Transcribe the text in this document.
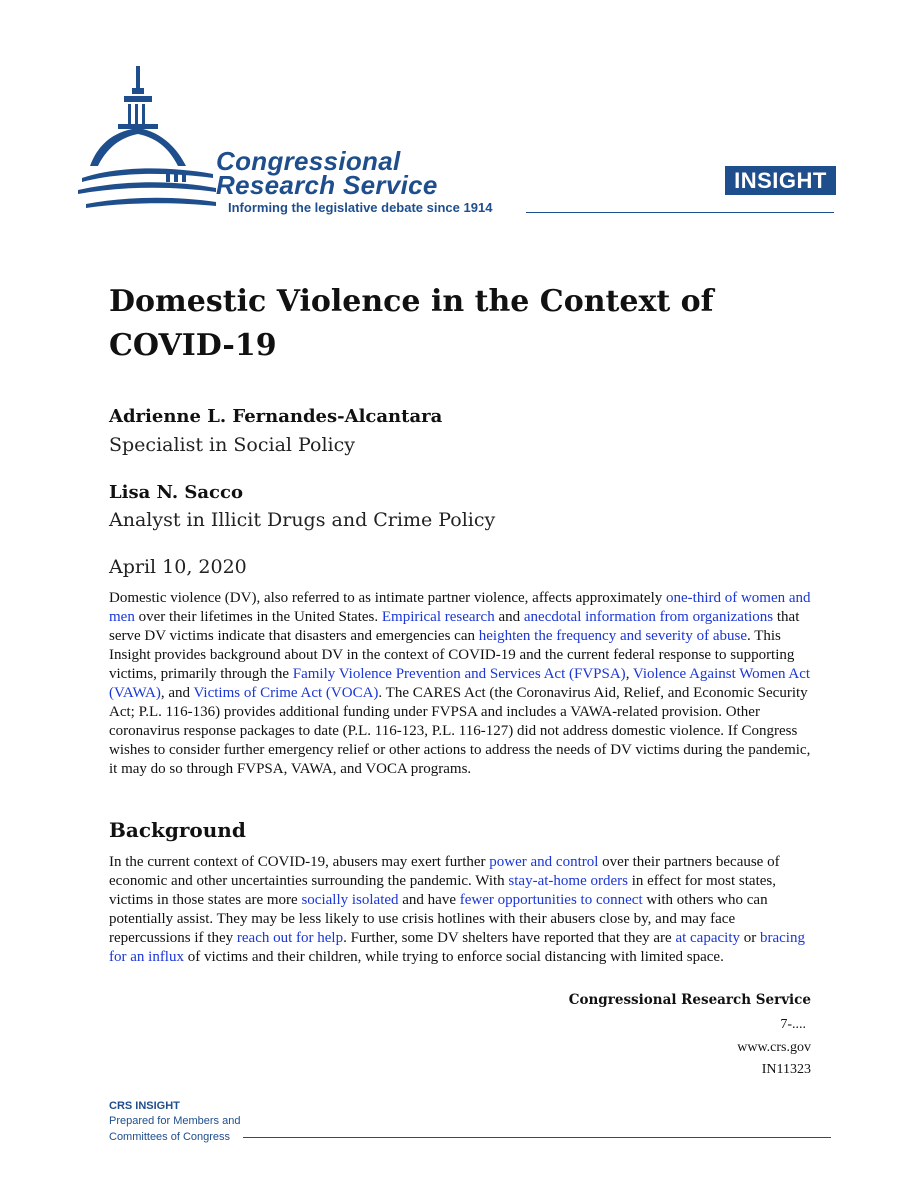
Congressional
Research Service
Informing the legislative debate since 1914
INSIGHT
Domestic Violence in the Context of
COVID-19
Adrienne L. Fernandes-Alcantara
Specialist in Social Policy
Lisa N. Sacco
Analyst in Illicit Drugs and Crime Policy
April 10, 2020
Domestic violence (DV), also referred to as intimate partner violence, affects approximately one-third of women and men over their lifetimes in the United States. Empirical research and anecdotal information from organizations that serve DV victims indicate that disasters and emergencies can heighten the frequency and severity of abuse. This Insight provides background about DV in the context of COVID-19 and the current federal response to supporting victims, primarily through the Family Violence Prevention and Services Act (FVPSA), Violence Against Women Act (VAWA), and Victims of Crime Act (VOCA). The CARES Act (the Coronavirus Aid, Relief, and Economic Security Act; P.L. 116-136) provides additional funding under FVPSA and includes a VAWA-related provision. Other coronavirus response packages to date (P.L. 116-123, P.L. 116-127) did not address domestic violence. If Congress wishes to consider further emergency relief or other actions to address the needs of DV victims during the pandemic, it may do so through FVPSA, VAWA, and VOCA programs.
Background
In the current context of COVID-19, abusers may exert further power and control over their partners because of economic and other uncertainties surrounding the pandemic. With stay-at-home orders in effect for most states, victims in those states are more socially isolated and have fewer opportunities to connect with others who can potentially assist. They may be less likely to use crisis hotlines with their abusers close by, and may face repercussions if they reach out for help. Further, some DV shelters have reported that they are at capacity or bracing for an influx of victims and their children, while trying to enforce social distancing with limited space.
Congressional Research Service
7-....
www.crs.gov
IN11323
CRS INSIGHT
Prepared for Members and
Committees of Congress
